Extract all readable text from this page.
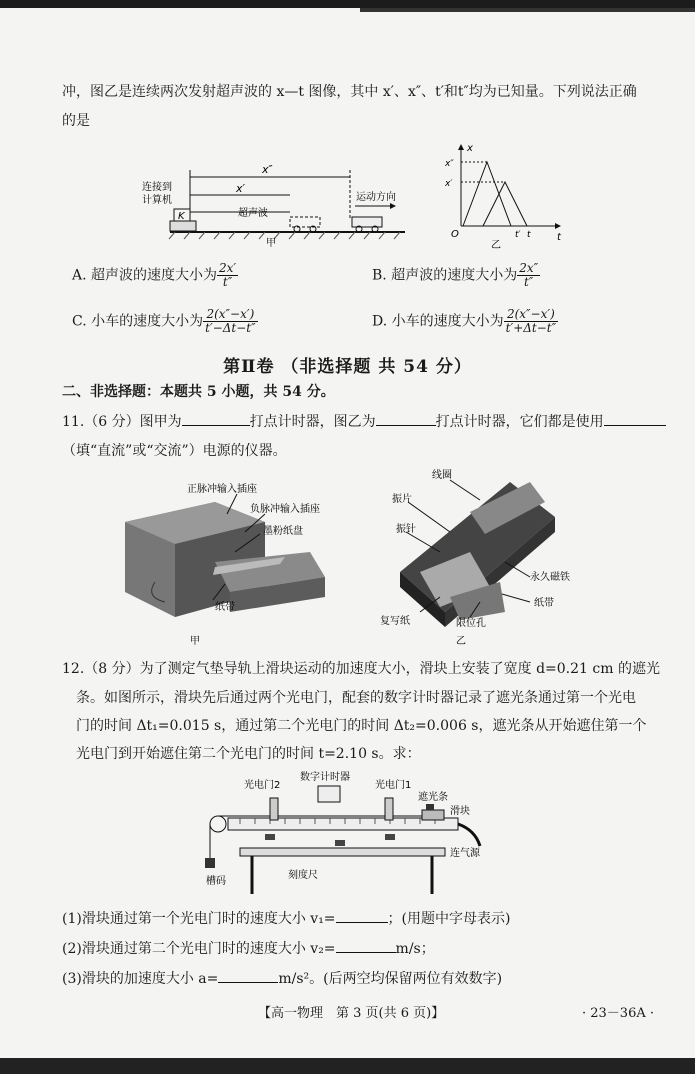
冲，图乙是连续两次发射超声波的 x—t 图像，其中 x′、x″、t′和t″均为已知量。下列说法正确
的是
连接到
计算机
K
x″
x′
超声波
运动方向
甲
x
t
O
x″
x′
t′ t
乙
A. 超声波的速度大小为 $\frac{2x'}{t''}$	B. 超声波的速度大小为 $\frac{2x''}{t''}$
C. 小车的速度大小为 $\frac{2(x''-x')}{t'-\Delta t-t''}$	D. 小车的速度大小为 $\frac{2(x''-x')}{t'+\Delta t-t''}$
第Ⅱ卷 （非选择题 共 54 分）
二、非选择题：本题共 5 小题，共 54 分。
11.（6 分）图甲为	打点计时器，图乙为	打点计时器，它们都是使用
（填“直流”或“交流”）电源的仪器。
正脉冲输入插座
负脉冲输入插座
墨粉纸盘
纸带
甲
线圈
振片
振针
永久磁铁
纸带
复写纸	限位孔
乙
12.（8 分）为了测定气垫导轨上滑块运动的加速度大小，滑块上安装了宽度 d=0.21 cm 的遮光
条。如图所示，滑块先后通过两个光电门，配套的数字计时器记录了遮光条通过第一个光电
门的时间 Δt₁=0.015 s，通过第二个光电门的时间 Δt₂=0.006 s，遮光条从开始遮住第一个
光电门到开始遮住第二个光电门的时间 t=2.10 s。求：
光电门2
数字计时器
光电门1
遮光条
滑块
连气源
槽码
刻度尺
(1)滑块通过第一个光电门时的速度大小 v₁=	；(用题中字母表示)
(2)滑块通过第二个光电门时的速度大小 v₂=	m/s；
(3)滑块的加速度大小 a=	m/s²。(后两空均保留两位有效数字)
【高一物理　第 3 页(共 6 页)】	· 23－36A ·
